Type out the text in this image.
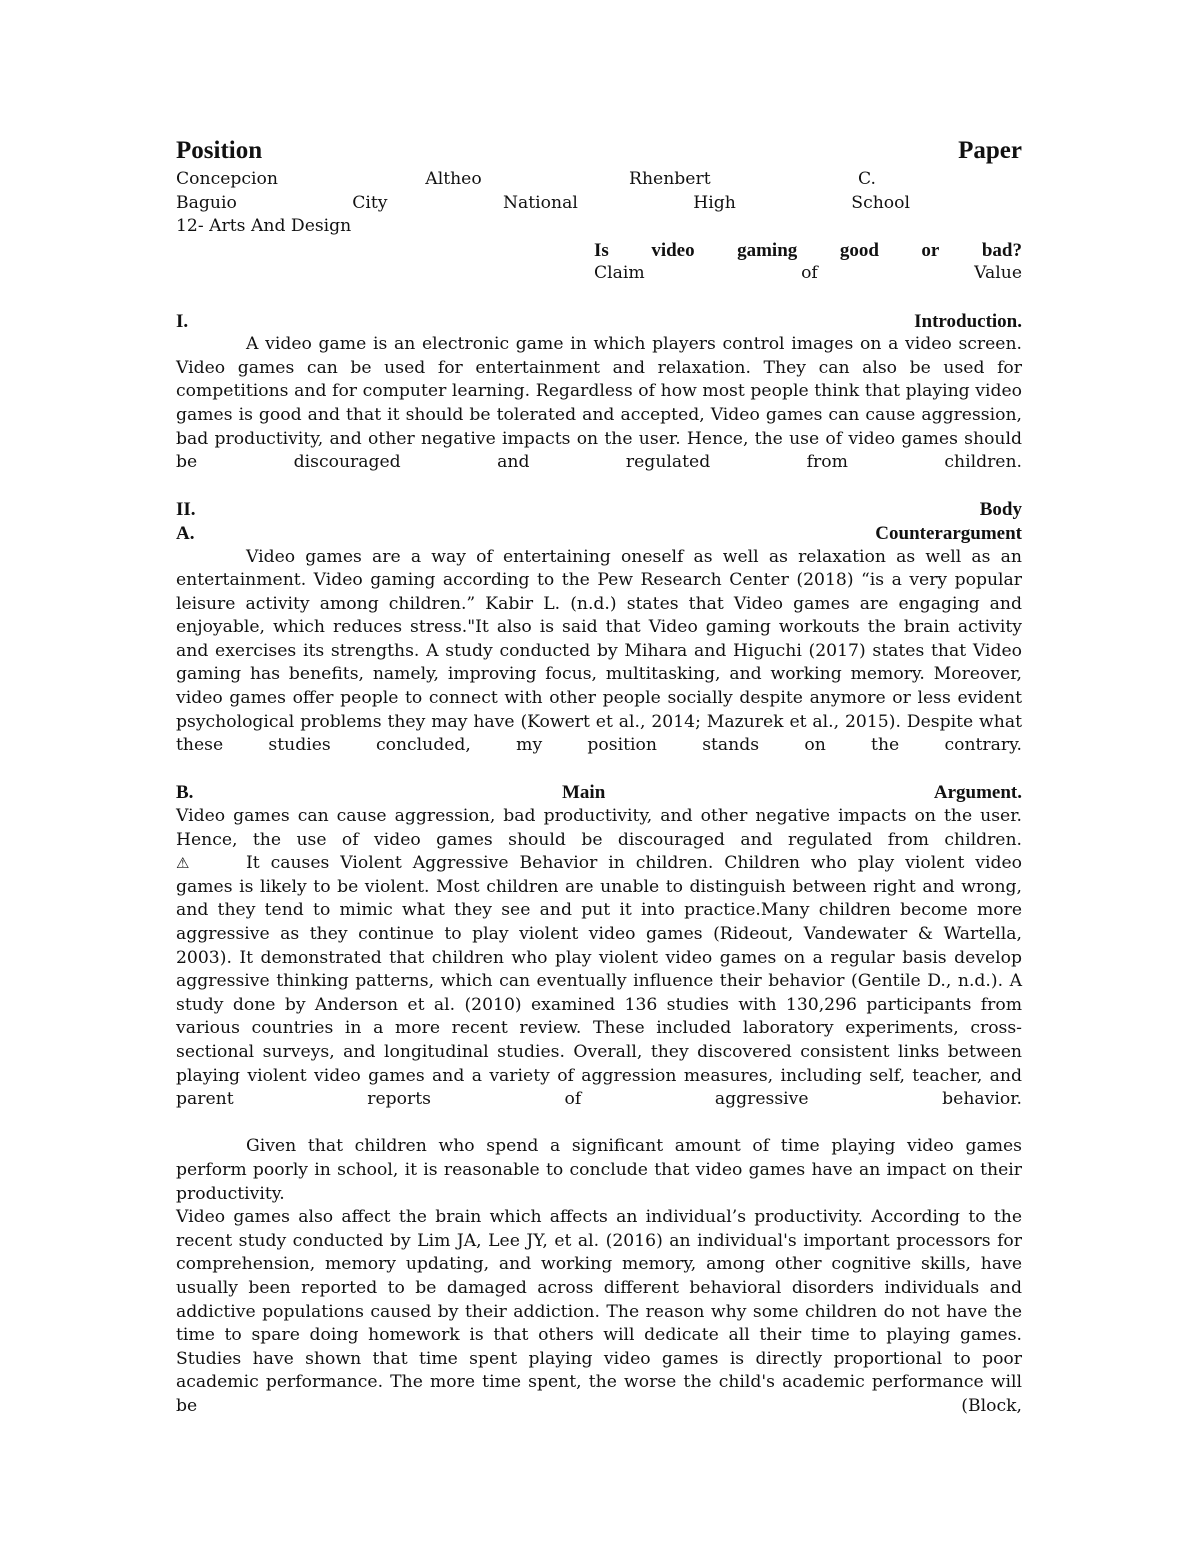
Position	Paper
Concepcion	Altheo	Rhenbert	C.
Baguio	City	National	High	School
12- Arts And Design
Is video gaming good or bad?
Claim	of	Value
I.	Introduction.

A video game is an electronic game in which players control images on a video screen. Video games can be used for entertainment and relaxation. They can also be used for competitions and for computer learning. Regardless of how most people think that playing video games is good and that it should be tolerated and accepted, Video games can cause aggression, bad productivity, and other negative impacts on the user. Hence, the use of video games should be discouraged and regulated from children.

II.	Body
A.	Counterargument

Video games are a way of entertaining oneself as well as relaxation as well as an entertainment. Video gaming according to the Pew Research Center (2018) “is a very popular leisure activity among children.” Kabir L. (n.d.) states that Video games are engaging and enjoyable, which reduces stress."It also is said that Video gaming workouts the brain activity and exercises its strengths. A study conducted by Mihara and Higuchi (2017) states that Video gaming has benefits, namely, improving focus, multitasking, and working memory. Moreover, video games offer people to connect with other people socially despite anymore or less evident psychological problems they may have (Kowert et al., 2014; Mazurek et al., 2015). Despite what these studies concluded, my position stands on the contrary.

B.	Main	Argument.

Video games can cause aggression, bad productivity, and other negative impacts on the user. Hence, the use of video games should be discouraged and regulated from children.

⚠	It causes Violent Aggressive Behavior in children. Children who play violent video games is likely to be violent. Most children are unable to distinguish between right and wrong, and they tend to mimic what they see and put it into practice.Many children become more aggressive as they continue to play violent video games (Rideout, Vandewater & Wartella, 2003). It demonstrated that children who play violent video games on a regular basis develop aggressive thinking patterns, which can eventually influence their behavior (Gentile D., n.d.). A study done by Anderson et al. (2010) examined 136 studies with 130,296 participants from various countries in a more recent review. These included laboratory experiments, cross-sectional surveys, and longitudinal studies. Overall, they discovered consistent links between playing violent video games and a variety of aggression measures, including self, teacher, and parent reports of aggressive behavior.

Given that children who spend a significant amount of time playing video games perform poorly in school, it is reasonable to conclude that video games have an impact on their productivity.

Video games also affect the brain which affects an individual’s productivity. According to the recent study conducted by Lim JA, Lee JY, et al. (2016) an individual's important processors for comprehension, memory updating, and working memory, among other cognitive skills, have usually been reported to be damaged across different behavioral disorders individuals and addictive populations caused by their addiction. The reason why some children do not have the time to spare doing homework is that others will dedicate all their time to playing games. Studies have shown that time spent playing video games is directly proportional to poor academic performance. The more time spent, the worse the child's academic performance will be (Block,
